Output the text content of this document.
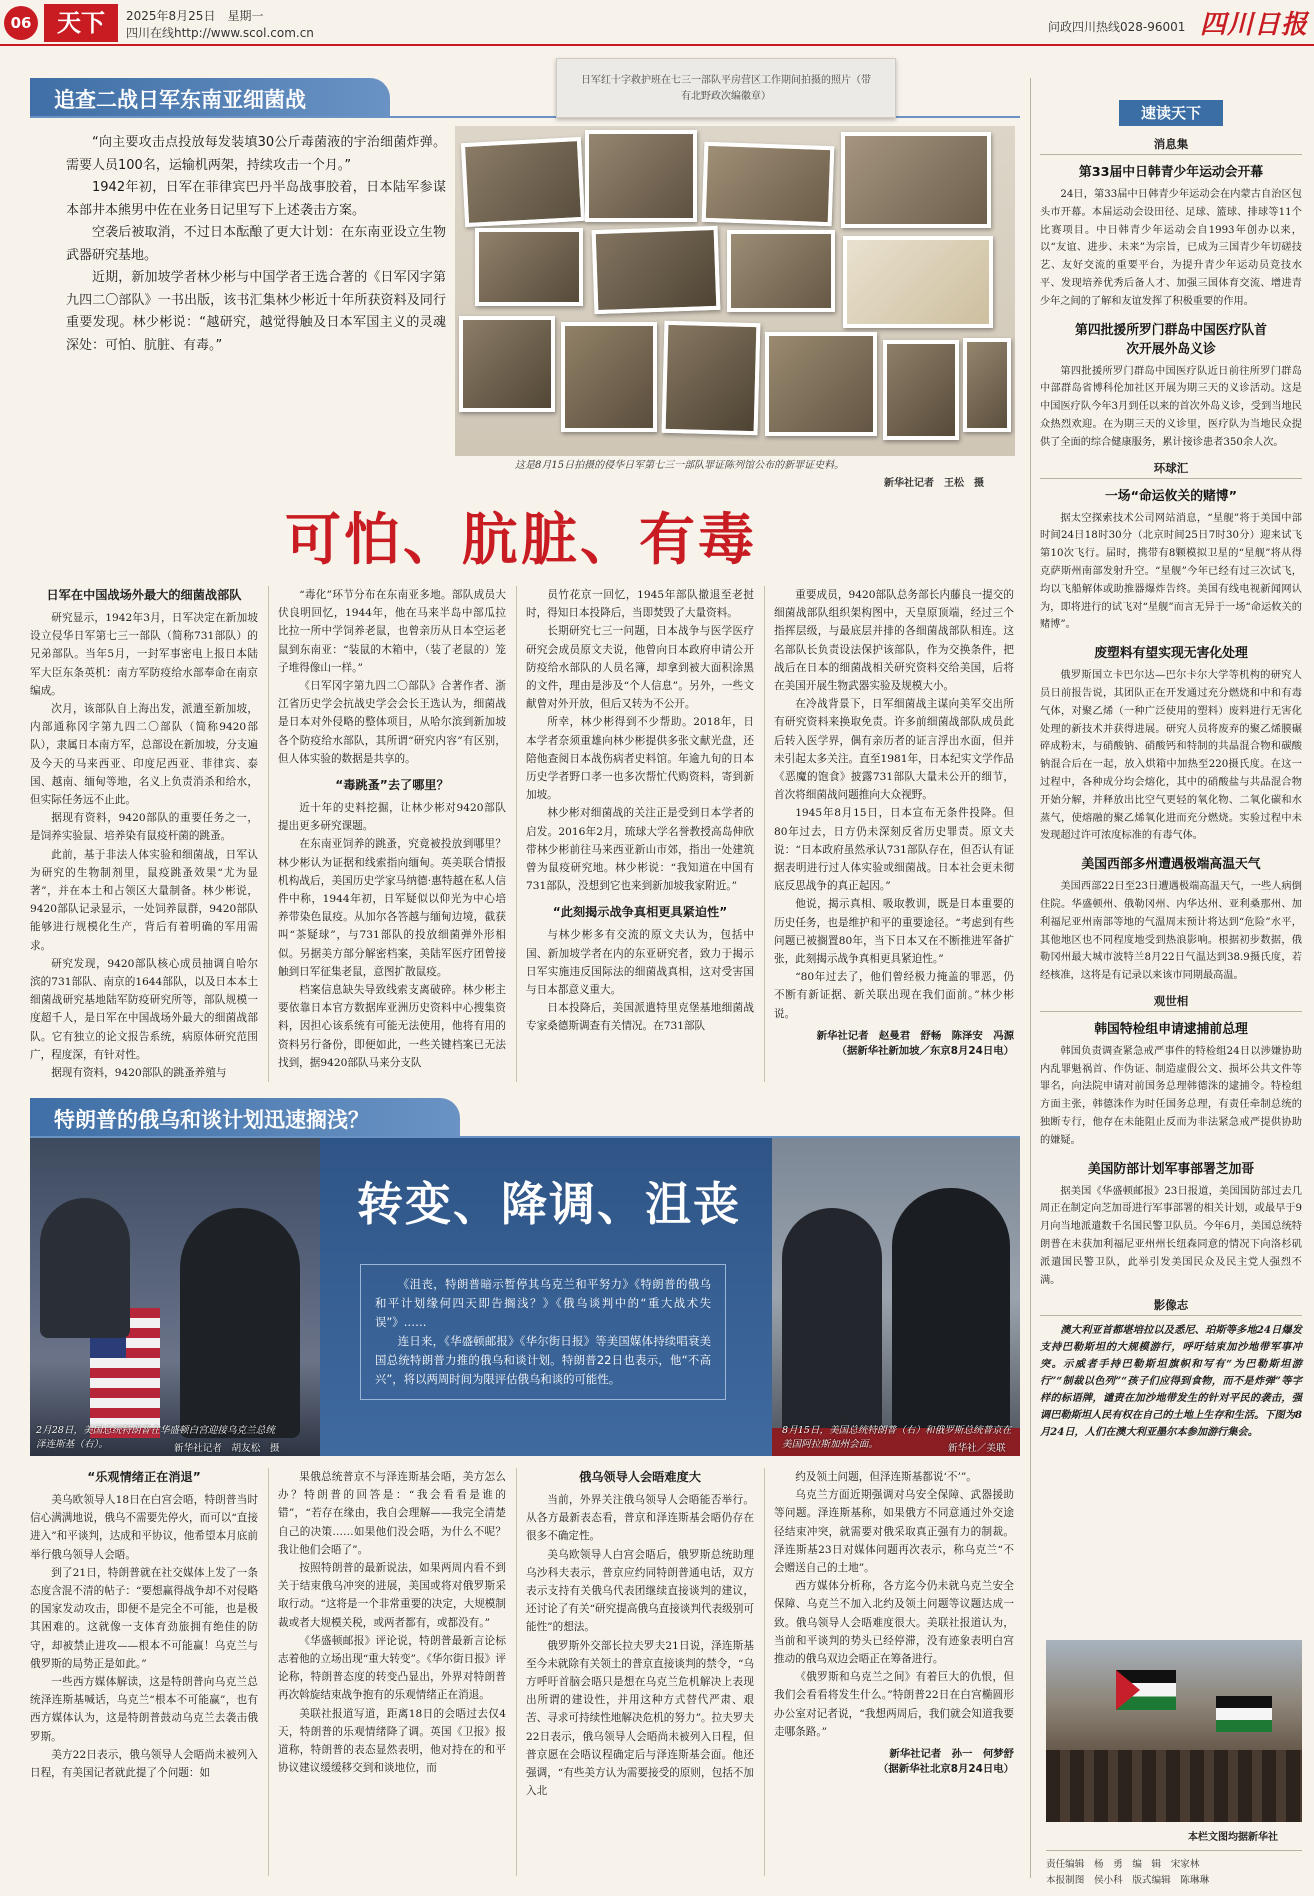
06	天下	2025年8月25日　星期一
四川在线http://www.scol.com.cn	问政四川热线028-96001 四川日报
追查二战日军东南亚细菌战
日军红十字救护班在七三一部队平房营区工作期间拍摄的照片（带有北野政次编徽章）
这是8月15日拍摄的侵华日军第七三一部队罪证陈列馆公布的新罪证史料。
新华社记者　王松　摄

“向主要攻击点投放每发装填30公斤毒菌液的宇治细菌炸弹。需要人员100名，运输机两架，持续攻击一个月。”

1942年初，日军在菲律宾巴丹半岛战事胶着，日本陆军参谋本部井本熊男中佐在业务日记里写下上述袭击方案。

空袭后被取消，不过日本酝酿了更大计划：在东南亚设立生物武器研究基地。

近期，新加坡学者林少彬与中国学者王选合著的《日军冈字第九四二〇部队》一书出版，该书汇集林少彬近十年所获资料及同行重要发现。林少彬说：“越研究，越觉得触及日本军国主义的灵魂深处：可怕、肮脏、有毒。”

可怕、肮脏、有毒
日军在中国战场外最大的细菌战部队

研究显示，1942年3月，日军决定在新加坡设立侵华日军第七三一部队（简称731部队）的兄弟部队。当年5月，一封军事密电上报日本陆军大臣东条英机：南方军防疫给水部奉命在南京编成。

次月，该部队自上海出发，派遣至新加坡，内部通称冈字第九四二〇部队（简称9420部队），隶属日本南方军，总部设在新加坡，分支遍及今天的马来西亚、印度尼西亚、菲律宾、泰国、越南、缅甸等地，名义上负责消杀和给水，但实际任务远不止此。

据现有资料，9420部队的重要任务之一，是饲养实验鼠、培养染有鼠疫杆菌的跳蚤。

此前，基于非法人体实验和细菌战，日军认为研究的生物制剂里，鼠疫跳蚤效果“尤为显著”，并在本土和占领区大量制备。林少彬说，9420部队记录显示，一处饲养鼠群，9420部队能够进行规模化生产，背后有着明确的军用需求。

研究发现，9420部队核心成员抽调自哈尔滨的731部队、南京的1644部队，以及日本本土细菌战研究基地陆军防疫研究所等，部队规模一度超千人，是日军在中国战场外最大的细菌战部队。它有独立的论文报告系统，病原体研究范围广，程度深，有针对性。

据现有资料，9420部队的跳蚤养殖与

“毒化”环节分布在东南亚多地。部队成员大伏良明回忆，1944年，他在马来半岛中部瓜拉比拉一所中学饲养老鼠，也曾亲历从日本空运老鼠到东南亚：“装鼠的木箱中，（装了老鼠的）笼子堆得像山一样。”

《日军冈字第九四二〇部队》合著作者、浙江省历史学会抗战史学会会长王选认为，细菌战是日本对外侵略的整体项目，从哈尔滨到新加坡各个防疫给水部队，其所谓“研究内容”有区别，但人体实验的数据是共享的。

“毒跳蚤”去了哪里？

近十年的史料挖掘，让林少彬对9420部队提出更多研究课题。

在东南亚饲养的跳蚤，究竟被投放到哪里？林少彬认为证据和线索指向缅甸。英美联合情报机构战后，美国历史学家马纳德·惠特越在私人信件中称，1944年初，日军疑似以仰光为中心培养带染色鼠疫。从加尔各答越与缅甸边境，截获叫“茶疑球”，与731部队的投放细菌弹外形相似。另据美方部分解密档案，美陆军医疗团曾接触到日军征集老鼠，意图扩散鼠疫。

档案信息缺失导致线索支离破碎。林少彬主要依靠日本官方数据库亚洲历史资料中心搜集资料，因担心该系统有可能无法使用，他将有用的资料另行备份，即便如此，一些关键档案已无法找到，据9420部队马来分支队

员竹花京一回忆，1945年部队撤退至老挝时，得知日本投降后，当即焚毁了大量资料。

长期研究七三一问题，日本战争与医学医疗研究会成员原文夫说，他曾向日本政府申请公开防疫给水部队的人员名簿，却拿到被大面积涂黑的文件，理由是涉及“个人信息”。另外，一些文献曾对外开放，但后又转为不公开。

所幸，林少彬得到不少帮助。2018年，日本学者奈须重雄向林少彬提供多张文献光盘，还陪他查阅日本战伤病者史料馆。年逾九旬的日本历史学者野口孝一也多次帮忙代购资料，寄到新加坡。

林少彬对细菌战的关注正是受到日本学者的启发。2016年2月，琉球大学名誉教授高岛伸欣带林少彬前往马来西亚新山市郊，指出一处建筑曾为鼠疫研究地。林少彬说：“我知道在中国有731部队，没想到它也来到新加坡我家附近。”

“此刻揭示战争真相更具紧迫性”

与林少彬多有交流的原文夫认为，包括中国、新加坡学者在内的东亚研究者，致力于揭示日军实施违反国际法的细菌战真相，这对受害国与日本都意义重大。

日本投降后，美国派遣特里克堡基地细菌战专家桑德斯调查有关情况。在731部队

重要成员，9420部队总务部长内藤良一提交的细菌战部队组织架构图中，天皇原顶端，经过三个指挥层级，与最底层并排的各细菌战部队相连。这名部队长负责设法保护该部队，作为交换条件，把战后在日本的细菌战相关研究资料交给美国，后将在美国开展生物武器实验及规模大小。

在冷战背景下，日军细菌战主谋向美军交出所有研究资料来换取免责。许多前细菌战部队成员此后转入医学界，偶有亲历者的证言浮出水面，但并未引起太多关注。直至1981年，日本纪实文学作品《恶魔的饱食》披露731部队大量未公开的细节，首次将细菌战问题推向大众视野。

1945年8月15日，日本宣布无条件投降。但80年过去，日方仍未深刻反省历史罪责。原文夫说：“日本政府虽然承认731部队存在，但否认有证据表明进行过人体实验或细菌战。日本社会更未彻底反思战争的真正起因。”

他说，揭示真相、吸取教训，既是日本重要的历史任务，也是维护和平的重要途径。“考虑到有些问题已被搁置80年，当下日本又在不断推进军备扩张，此刻揭示战争真相更具紧迫性。”

“80年过去了，他们曾经极力掩盖的罪恶，仍不断有新证据、新关联出现在我们面前。”林少彬说。

新华社记者　赵曼君　舒畅　陈泽安　冯源
（据新华社新加坡／东京8月24日电）
特朗普的俄乌和谈计划迅速搁浅？
2月28日，美国总统特朗普在华盛顿白宫迎接乌克兰总统泽连斯基（右）。	新华社记者　胡友松　摄
转变、降调、沮丧

《沮丧，特朗普暗示暂停其乌克兰和平努力》《特朗普的俄乌和平计划缘何四天即告搁浅？》《俄乌谈判中的“重大战术失误”》……

连日来，《华盛顿邮报》《华尔街日报》等美国媒体持续唱衰美国总统特朗普力推的俄乌和谈计划。特朗普22日也表示，他“不高兴”，将以两周时间为限评估俄乌和谈的可能性。

8月15日，美国总统特朗普（右）和俄罗斯总统普京在美国阿拉斯加州会面。	新华社／美联
“乐观情绪正在消退”

美乌欧领导人18日在白宫会晤，特朗普当时信心满满地说，俄乌不需要先停火，而可以“直接进入”和平谈判，达成和平协议，他希望本月底前举行俄乌领导人会晤。

到了21日，特朗普就在社交媒体上发了一条态度含混不清的帖子：“要想赢得战争却不对侵略的国家发动攻击，即便不是完全不可能，也是极其困难的。这就像一支体育劲旅拥有绝佳的防守，却被禁止进攻——根本不可能赢！乌克兰与俄罗斯的局势正是如此。”

一些西方媒体解读，这是特朗普向乌克兰总统泽连斯基喊话，乌克兰“根本不可能赢”，也有西方媒体认为，这是特朗普鼓动乌克兰去袭击俄罗斯。

美方22日表示，俄乌领导人会晤尚未被列入日程，有美国记者就此提了个问题：如

果俄总统普京不与泽连斯基会晤，美方怎么办？特朗普的回答是：“我会看看是谁的错”，“若存在缘由，我自会理解——我完全清楚自己的决策……如果他们没会晤，为什么不呢？我让他们会晤了”。

按照特朗普的最新说法，如果两周内看不到关于结束俄乌冲突的进展，美国或将对俄罗斯采取行动。“这将是一个非常重要的决定，大规模制裁或者大规模关税，或两者都有，或都没有。”

《华盛顿邮报》评论说，特朗普最新言论标志着他的立场出现“重大转变”。《华尔街日报》评论称，特朗普态度的转变凸显出，外界对特朗普再次斡旋结束战争抱有的乐观情绪正在消退。

美联社报道写道，距离18日的会晤过去仅4天，特朗普的乐观情绪降了调。英国《卫报》报道称，特朗普的表态显然表明，他对持在的和平协议建议缓缓移交到和谈地位，而

俄乌领导人会晤难度大

当前，外界关注俄乌领导人会晤能否举行。从各方最新表态看，普京和泽连斯基会晤仍存在很多不确定性。

美乌欧领导人白宫会晤后，俄罗斯总统助理乌沙科夫表示，普京应约同特朗普通电话，双方表示支持有关俄乌代表团继续直接谈判的建议，还讨论了有关“研究提高俄乌直接谈判代表级别可能性”的想法。

俄罗斯外交部长拉夫罗夫21日说，泽连斯基至今未就除有关领土的普京直接谈判的禁令，“乌方呼吁首脑会晤只是想在乌克兰危机解决上表现出所谓的建设性，并用这种方式替代严肃、艰苦、寻求可持续性地解决危机的努力”。拉夫罗夫22日表示，俄乌领导人会晤尚未被列入日程，但普京愿在会晤议程确定后与泽连斯基会面。他还强调，“有些美方认为需要接受的原则，包括不加入北

约及领土问题，但泽连斯基都说‘不’”。

乌克兰方面近期强调对乌安全保障、武器援助等问题。泽连斯基称，如果俄方不同意通过外交途径结束冲突，就需要对俄采取真正强有力的制裁。泽连斯基23日对媒体问题再次表示，称乌克兰“不会赠送自己的土地”。

西方媒体分析称，各方迄今仍未就乌克兰安全保障、乌克兰不加入北约及领土问题等议题达成一致。俄乌领导人会晤难度很大。美联社报道认为，当前和平谈判的势头已经停滞，没有迹象表明白宫推动的俄乌双边会晤正在筹备进行。

《俄罗斯和乌克兰之间》有着巨大的仇恨，但我们会看看将发生什么。”特朗普22日在白宫椭圆形办公室对记者说，“我想两周后，我们就会知道我要走哪条路。”

新华社记者　孙一　何梦舒
（据新华社北京8月24日电）
速读天下
消息集
第33届中日韩青少年运动会开幕
24日，第33届中日韩青少年运动会在内蒙古自治区包头市开幕。本届运动会设田径、足球、篮球、排球等11个比赛项目。中日韩青少年运动会自1993年创办以来，以“友谊、进步、未来”为宗旨，已成为三国青少年切磋技艺、友好交流的重要平台，为提升青少年运动员竞技水平、发现培养优秀后备人才、加强三国体育交流、增进青少年之间的了解和友谊发挥了积极重要的作用。
第四批援所罗门群岛中国医疗队首次开展外岛义诊
第四批援所罗门群岛中国医疗队近日前往所罗门群岛中部群岛省博科伦加社区开展为期三天的义诊活动。这是中国医疗队今年3月到任以来的首次外岛义诊，受到当地民众热烈欢迎。在为期三天的义诊里，医疗队为当地民众提供了全面的综合健康服务，累计接诊患者350余人次。
环球汇
一场“命运攸关的赌博”
据太空探索技术公司网站消息，“星舰”将于美国中部时间24日18时30分（北京时间25日7时30分）迎来试飞第10次飞行。届时，携带有8颗模拟卫星的“星舰”将从得克萨斯州南部发射升空。“星舰”今年已经有过三次试飞，均以飞船解体或助推器爆炸告终。美国有线电视新闻网认为，即将进行的试飞对“星舰”而言无异于一场“命运攸关的赌博”。
废塑料有望实现无害化处理
俄罗斯国立卡巴尔达—巴尔卡尔大学等机构的研究人员日前报告说，其团队正在开发通过充分燃烧和中和有毒气体，对聚乙烯（一种广泛使用的塑料）废料进行无害化处理的新技术并获得进展。研究人员将废弃的聚乙烯膜碾碎成粉末，与硝酸钠、硝酸钙和特制的共晶混合物和碳酸钠混合后在一起，放入烘箱中加热至220摄氏度。在这一过程中，各种成分均会熔化，其中的硝酸盐与共晶混合物开始分解，并释放出比空气更轻的氧化物、二氧化碳和水蒸气，使熔融的聚乙烯氧化进而充分燃烧。实验过程中未发现超过许可浓度标准的有毒气体。
美国西部多州遭遇极端高温天气
美国西部22日至23日遭遇极端高温天气，一些人病倒住院。华盛顿州、俄勒冈州、内华达州、亚利桑那州、加利福尼亚州南部等地的气温周末预计将达到“危险”水平，其他地区也不同程度地受到热浪影响。根据初步数据，俄勒冈州最大城市波特兰8月22日气温达到38.9摄氏度，若经核准，这将是有记录以来该市同期最高温。
观世相
韩国特检组申请逮捕前总理
韩国负责调查紧急戒严事件的特检组24日以涉嫌协助内乱罪魁祸首、作伪证、制造虚假公文、损坏公共文件等罪名，向法院申请对前国务总理韩德洙的逮捕令。特检组方面主张，韩德洙作为时任国务总理，有责任牵制总统的独断专行，他存在未能阻止反而为非法紧急戒严提供协助的嫌疑。
美国防部计划军事部署芝加哥
据美国《华盛顿邮报》23日报道，美国国防部过去几周正在制定向芝加哥进行军事部署的相关计划，或最早于9月向当地派遣数千名国民警卫队员。今年6月，美国总统特朗普在未获加利福尼亚州州长纽森同意的情况下向洛杉矶派遣国民警卫队，此举引发美国民众及民主党人强烈不满。
影像志
澳大利亚首都堪培拉以及悉尼、珀斯等多地24日爆发支持巴勒斯坦的大规模游行，呼吁结束加沙地带军事冲突。示威者手持巴勒斯坦旗帜和写有“为巴勒斯坦游行”“制裁以色列”“孩子们应得到食物，而不是炸弹”等字样的标语牌，谴责在加沙地带发生的针对平民的袭击，强调巴勒斯坦人民有权在自己的土地上生存和生活。下图为8月24日，人们在澳大利亚墨尔本参加游行集会。
本栏文图均据新华社
责任编辑　杨　勇　编　辑　宋家林
本报制图　侯小科　版式编辑　陈琳琳
